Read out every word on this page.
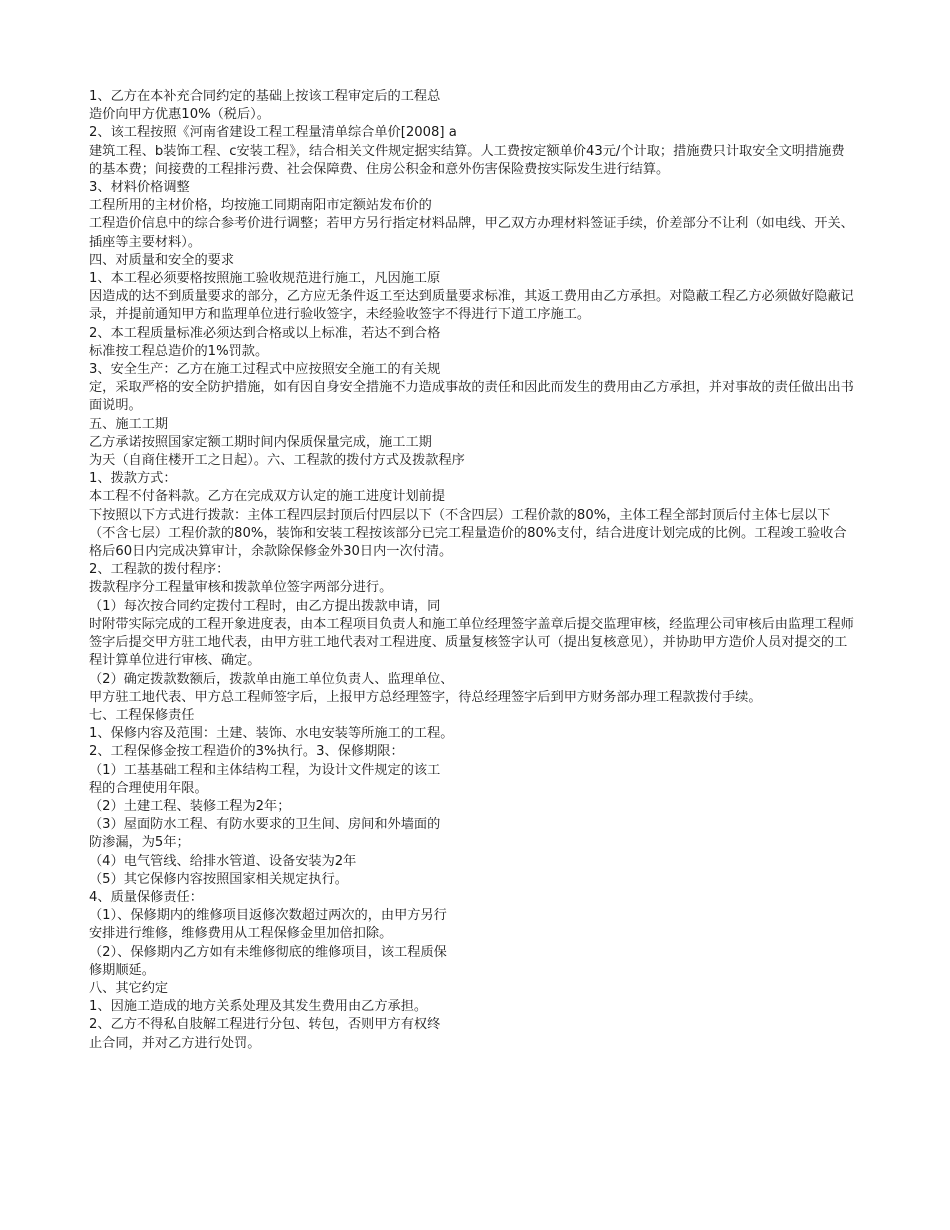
1、乙方在本补充合同约定的基础上按该工程审定后的工程总
造价向甲方优惠10%（税后）。
2、该工程按照《河南省建设工程工程量清单综合单价[2008] a
建筑工程、b装饰工程、c安装工程》，结合相关文件规定据实结算。人工费按定额单价43元/个计取；措施费只计取安全文明措施费的基本费；间接费的工程排污费、社会保障费、住房公积金和意外伤害保险费按实际发生进行结算。
3、材料价格调整
工程所用的主材价格，均按施工同期南阳市定额站发布价的
工程造价信息中的综合参考价进行调整；若甲方另行指定材料品牌，甲乙双方办理材料签证手续，价差部分不让利（如电线、开关、插座等主要材料）。
四、对质量和安全的要求
1、本工程必须要格按照施工验收规范进行施工，凡因施工原
因造成的达不到质量要求的部分，乙方应无条件返工至达到质量要求标准，其返工费用由乙方承担。对隐蔽工程乙方必须做好隐蔽记录，并提前通知甲方和监理单位进行验收签字，未经验收签字不得进行下道工序施工。
2、本工程质量标准必须达到合格或以上标准，若达不到合格
标准按工程总造价的1%罚款。
3、安全生产：乙方在施工过程式中应按照安全施工的有关规
定，采取严格的安全防护措施，如有因自身安全措施不力造成事故的责任和因此而发生的费用由乙方承担，并对事故的责任做出出书面说明。
五、施工工期
乙方承诺按照国家定额工期时间内保质保量完成，施工工期
为天（自商住楼开工之日起）。六、工程款的拨付方式及拨款程序
1、拨款方式：
本工程不付备料款。乙方在完成双方认定的施工进度计划前提
下按照以下方式进行拨款：主体工程四层封顶后付四层以下（不含四层）工程价款的80%，主体工程全部封顶后付主体七层以下（不含七层）工程价款的80%，装饰和安装工程按该部分已完工程量造价的80%支付，结合进度计划完成的比例。工程竣工验收合格后60日内完成决算审计，余款除保修金外30日内一次付清。
2、工程款的拨付程序：
拨款程序分工程量审核和拨款单位签字两部分进行。
（1）每次按合同约定拨付工程时，由乙方提出拨款申请，同
时附带实际完成的工程开象进度表，由本工程项目负责人和施工单位经理签字盖章后提交监理审核，经监理公司审核后由监理工程师签字后提交甲方驻工地代表，由甲方驻工地代表对工程进度、质量复核签字认可（提出复核意见），并协助甲方造价人员对提交的工程计算单位进行审核、确定。
（2）确定拨款数额后，拨款单由施工单位负责人、监理单位、
甲方驻工地代表、甲方总工程师签字后，上报甲方总经理签字，待总经理签字后到甲方财务部办理工程款拨付手续。
七、工程保修责任
1、保修内容及范围：土建、装饰、水电安装等所施工的工程。
2、工程保修金按工程造价的3%执行。3、保修期限：
（1）工基基础工程和主体结构工程，为设计文件规定的该工
程的合理使用年限。
（2）土建工程、装修工程为2年；
（3）屋面防水工程、有防水要求的卫生间、房间和外墙面的
防渗漏，为5年；
（4）电气管线、给排水管道、设备安装为2年
（5）其它保修内容按照国家相关规定执行。
4、质量保修责任：
（1）、保修期内的维修项目返修次数超过两次的，由甲方另行
安排进行维修，维修费用从工程保修金里加倍扣除。
（2）、保修期内乙方如有未维修彻底的维修项目，该工程质保
修期顺延。
八、其它约定
1、因施工造成的地方关系处理及其发生费用由乙方承担。
2、乙方不得私自肢解工程进行分包、转包，否则甲方有权终
止合同，并对乙方进行处罚。
